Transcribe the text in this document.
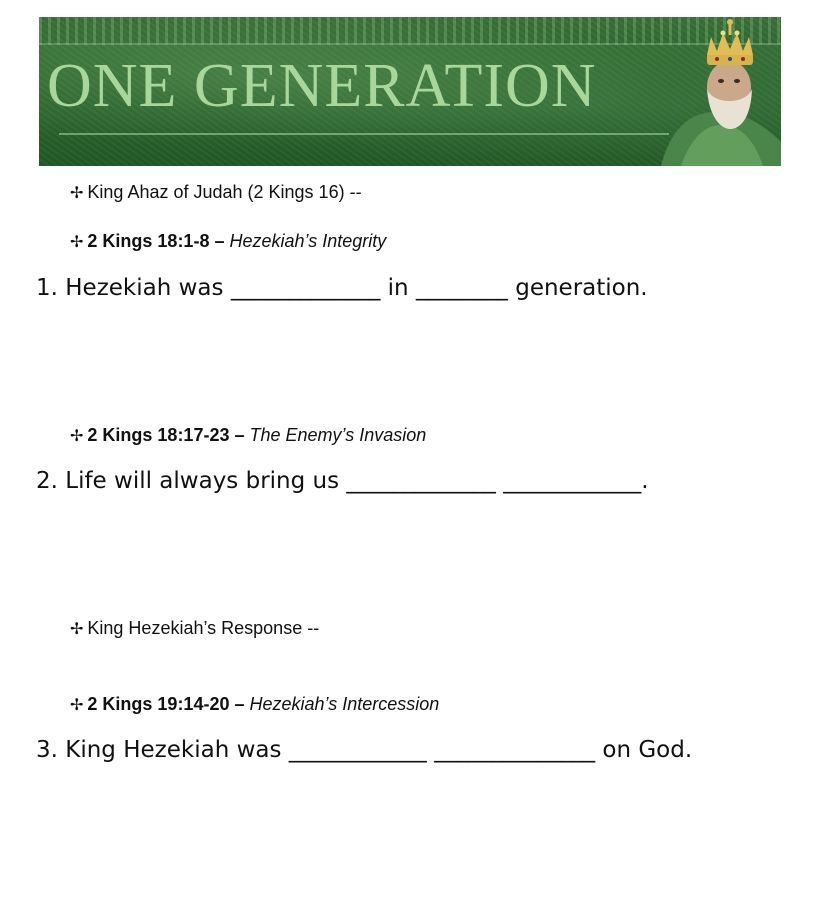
ONE GENERATION
✢ King Ahaz of Judah (2 Kings 16) --
✢ 2 Kings 18:1-8 – Hezekiah’s Integrity
1. Hezekiah was _____________ in ________ generation.
✢ 2 Kings 18:17-23 – The Enemy’s Invasion
2. Life will always bring us _____________ ____________.
✢ King Hezekiah’s Response --
✢ 2 Kings 19:14-20 – Hezekiah’s Intercession
3. King Hezekiah was ____________ ______________ on God.
